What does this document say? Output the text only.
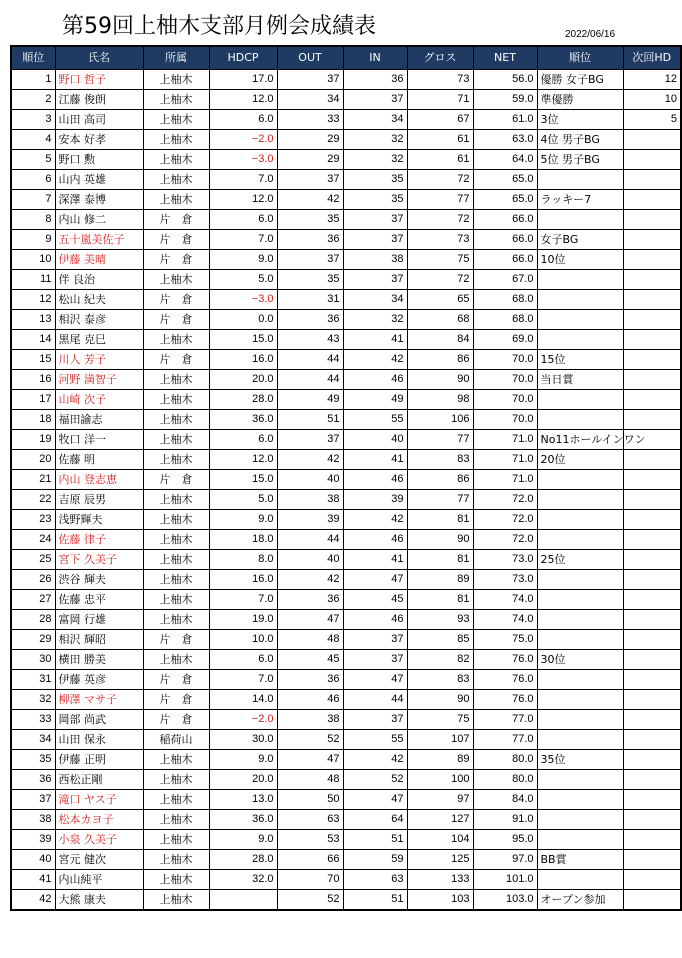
第59回上柚木支部月例会成績表	2022/06/16
順位	氏名	所属	HDCP	OUT	IN	グロス	NET	順位	次回HD
1	野口 哲子	上柚木	17.0	37	36	73	56.0	優勝 女子BG	12
2	江藤 俊朗	上柚木	12.0	34	37	71	59.0	準優勝	10
3	山田 高司	上柚木	6.0	33	34	67	61.0	3位	5
4	安本 好孝	上柚木	−2.0	29	32	61	63.0	4位 男子BG	
5	野口 勲	上柚木	−3.0	29	32	61	64.0	5位 男子BG	
6	山内 英雄	上柚木	7.0	37	35	72	65.0		
7	深澤 泰博	上柚木	12.0	42	35	77	65.0	ラッキー7	
8	内山 修二	片　倉	6.0	35	37	72	66.0		
9	五十嵐美佐子	片　倉	7.0	36	37	73	66.0	女子BG	
10	伊藤 美晴	片　倉	9.0	37	38	75	66.0	10位	
11	伴 良治	上柚木	5.0	35	37	72	67.0		
12	松山 紀夫	片　倉	−3.0	31	34	65	68.0		
13	相沢 泰彦	片　倉	0.0	36	32	68	68.0		
14	黒尾 克巳	上柚木	15.0	43	41	84	69.0		
15	川人 芳子	片　倉	16.0	44	42	86	70.0	15位	
16	河野 満智子	上柚木	20.0	44	46	90	70.0	当日賞	
17	山崎 次子	上柚木	28.0	49	49	98	70.0		
18	福田諭志	上柚木	36.0	51	55	106	70.0		
19	牧口 洋一	上柚木	6.0	37	40	77	71.0	No11ホールインワン	
20	佐藤 明	上柚木	12.0	42	41	83	71.0	20位	
21	内山 登志恵	片　倉	15.0	40	46	86	71.0		
22	吉原 辰男	上柚木	5.0	38	39	77	72.0		
23	浅野輝夫	上柚木	9.0	39	42	81	72.0		
24	佐藤 律子	上柚木	18.0	44	46	90	72.0		
25	宮下 久美子	上柚木	8.0	40	41	81	73.0	25位	
26	渋谷 輝夫	上柚木	16.0	42	47	89	73.0		
27	佐藤 忠平	上柚木	7.0	36	45	81	74.0		
28	富岡 行雄	上柚木	19.0	47	46	93	74.0		
29	相沢 輝昭	片　倉	10.0	48	37	85	75.0		
30	横田 勝美	上柚木	6.0	45	37	82	76.0	30位	
31	伊藤 英彦	片　倉	7.0	36	47	83	76.0		
32	柳澤 マサ子	片　倉	14.0	46	44	90	76.0		
33	岡部 尚武	片　倉	−2.0	38	37	75	77.0		
34	山田 保永	稲荷山	30.0	52	55	107	77.0		
35	伊藤 正明	上柚木	9.0	47	42	89	80.0	35位	
36	西松正剛	上柚木	20.0	48	52	100	80.0		
37	滝口 ヤス子	上柚木	13.0	50	47	97	84.0		
38	松本カヨ子	上柚木	36.0	63	64	127	91.0		
39	小泉 久美子	上柚木	9.0	53	51	104	95.0		
40	宮元 健次	上柚木	28.0	66	59	125	97.0	BB賞	
41	内山純平	上柚木	32.0	70	63	133	101.0		
42	大熊 康夫	上柚木		52	51	103	103.0	オープン参加	
